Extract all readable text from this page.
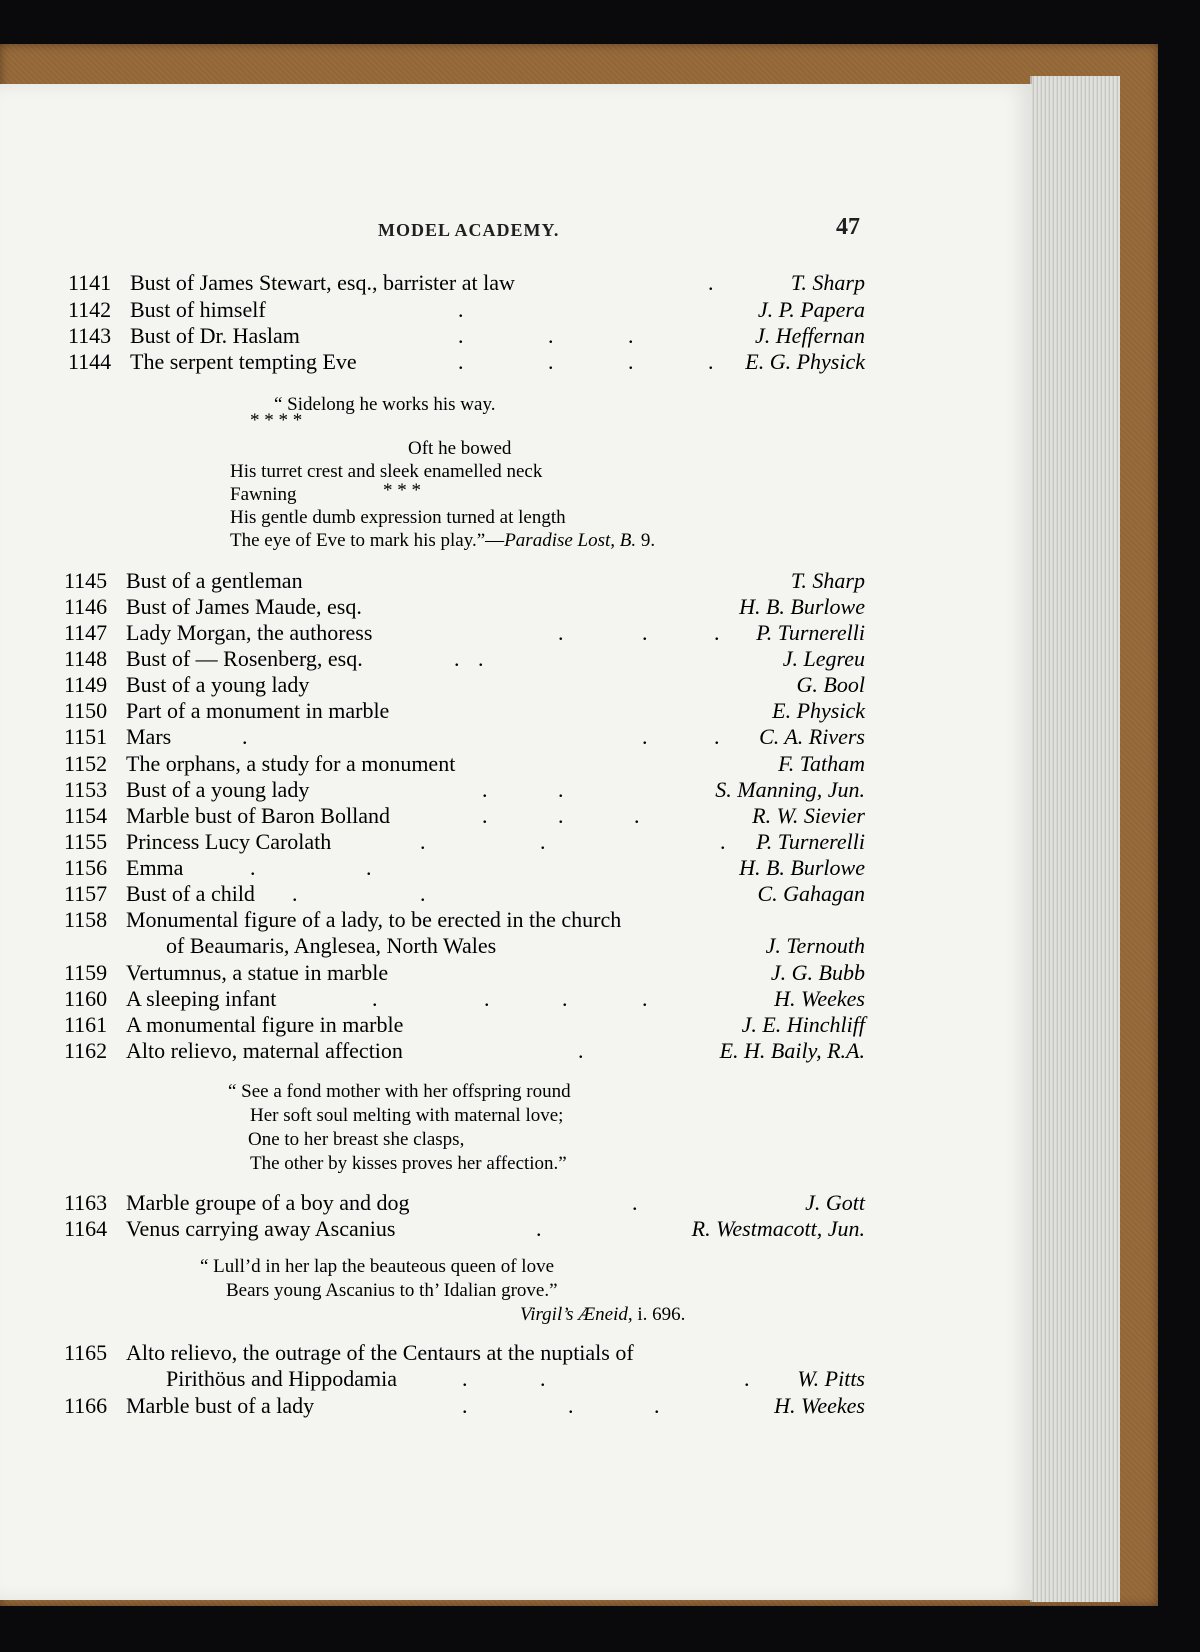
MODEL ACADEMY.	47
1141 Bust of James Stewart, esq., barrister at law	.	T. Sharp
1142 Bust of himself	.	J. P. Papera
1143 Bust of Dr. Haslam	.	.	.	J. Heffernan
1144 The serpent tempting Eve	.	.	.	. E. G. Physick
“ Sidelong he works his way.
* * * *
Oft he bowed
His turret crest and sleek enamelled neck
Fawning	* * *
His gentle dumb expression turned at length
The eye of Eve to mark his play.”—Paradise Lost, B. 9.
1145 Bust of a gentleman	T. Sharp
1146 Bust of James Maude, esq.	H. B. Burlowe
1147 Lady Morgan, the authoress	.	.	. P. Turnerelli
1148 Bust of — Rosenberg, esq.	. .	J. Legreu
1149 Bust of a young lady	G. Bool
1150 Part of a monument in marble	E. Physick
1151 Mars	.	.	. C. A. Rivers
1152 The orphans, a study for a monument	F. Tatham
1153 Bust of a young lady	.	.	S. Manning, Jun.
1154 Marble bust of Baron Bolland	.	.	.	R. W. Sievier
1155 Princess Lucy Carolath	.	.	. P. Turnerelli
1156 Emma	.	.	H. B. Burlowe
1157 Bust of a child .	.	C. Gahagan
1158 Monumental figure of a lady, to be erected in the church
of Beaumaris, Anglesea, North Wales	J. Ternouth
1159 Vertumnus, a statue in marble	J. G. Bubb
1160 A sleeping infant	.	.	.	.	H. Weekes
1161 A monumental figure in marble	J. E. Hinchliff
1162 Alto relievo, maternal affection	.	E. H. Baily, R.A.
“ See a fond mother with her offspring round
Her soft soul melting with maternal love;
One to her breast she clasps,
The other by kisses proves her affection.”
1163 Marble groupe of a boy and dog	.	J. Gott
1164 Venus carrying away Ascanius	.	R. Westmacott, Jun.
“ Lull’d in her lap the beauteous queen of love
Bears young Ascanius to th’ Idalian grove.”
Virgil’s Æneid, i. 696.
1165 Alto relievo, the outrage of the Centaurs at the nuptials of
Pirithöus and Hippodamia	.	.	. W. Pitts
1166 Marble bust of a lady	.	.	.	H. Weekes
